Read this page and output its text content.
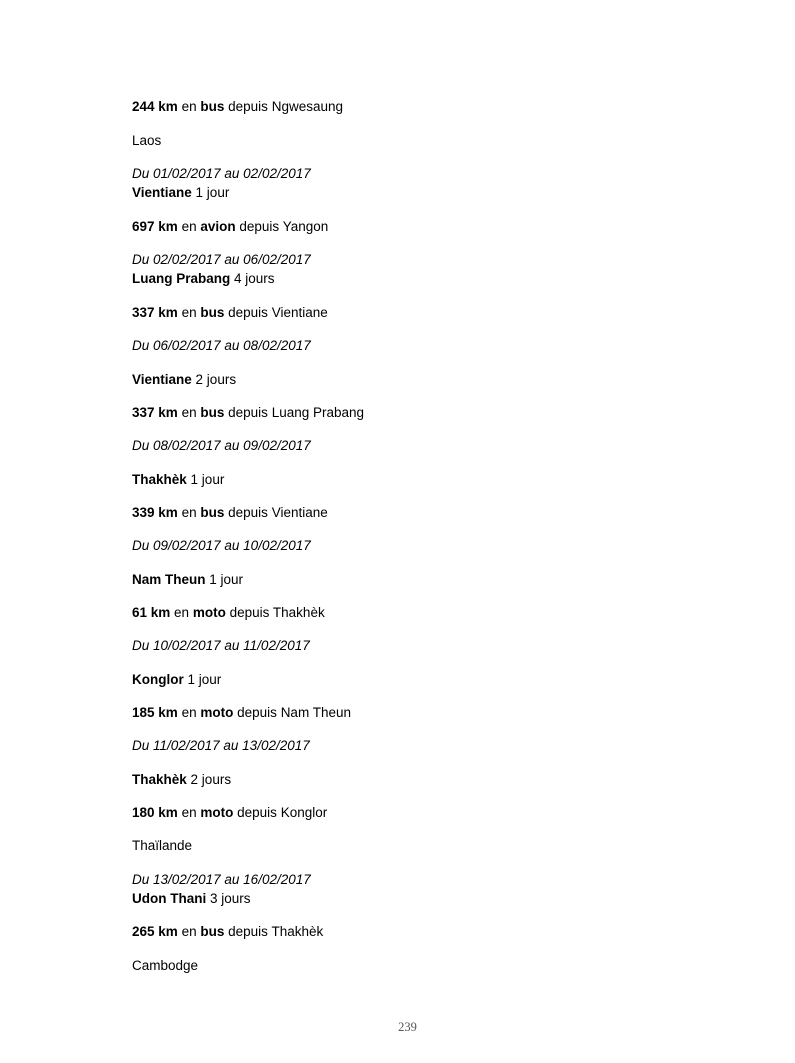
244 km en bus depuis Ngwesaung
Laos
Du 01/02/2017 au 02/02/2017
Vientiane 1 jour
697 km en avion depuis Yangon
Du 02/02/2017 au 06/02/2017
Luang Prabang 4 jours
337 km en bus depuis Vientiane
Du 06/02/2017 au 08/02/2017
Vientiane 2 jours
337 km en bus depuis Luang Prabang
Du 08/02/2017 au 09/02/2017
Thakhèk 1 jour
339 km en bus depuis Vientiane
Du 09/02/2017 au 10/02/2017
Nam Theun 1 jour
61 km en moto depuis Thakhèk
Du 10/02/2017 au 11/02/2017
Konglor 1 jour
185 km en moto depuis Nam Theun
Du 11/02/2017 au 13/02/2017
Thakhèk 2 jours
180 km en moto depuis Konglor
Thaïlande
Du 13/02/2017 au 16/02/2017
Udon Thani 3 jours
265 km en bus depuis Thakhèk
Cambodge
239
